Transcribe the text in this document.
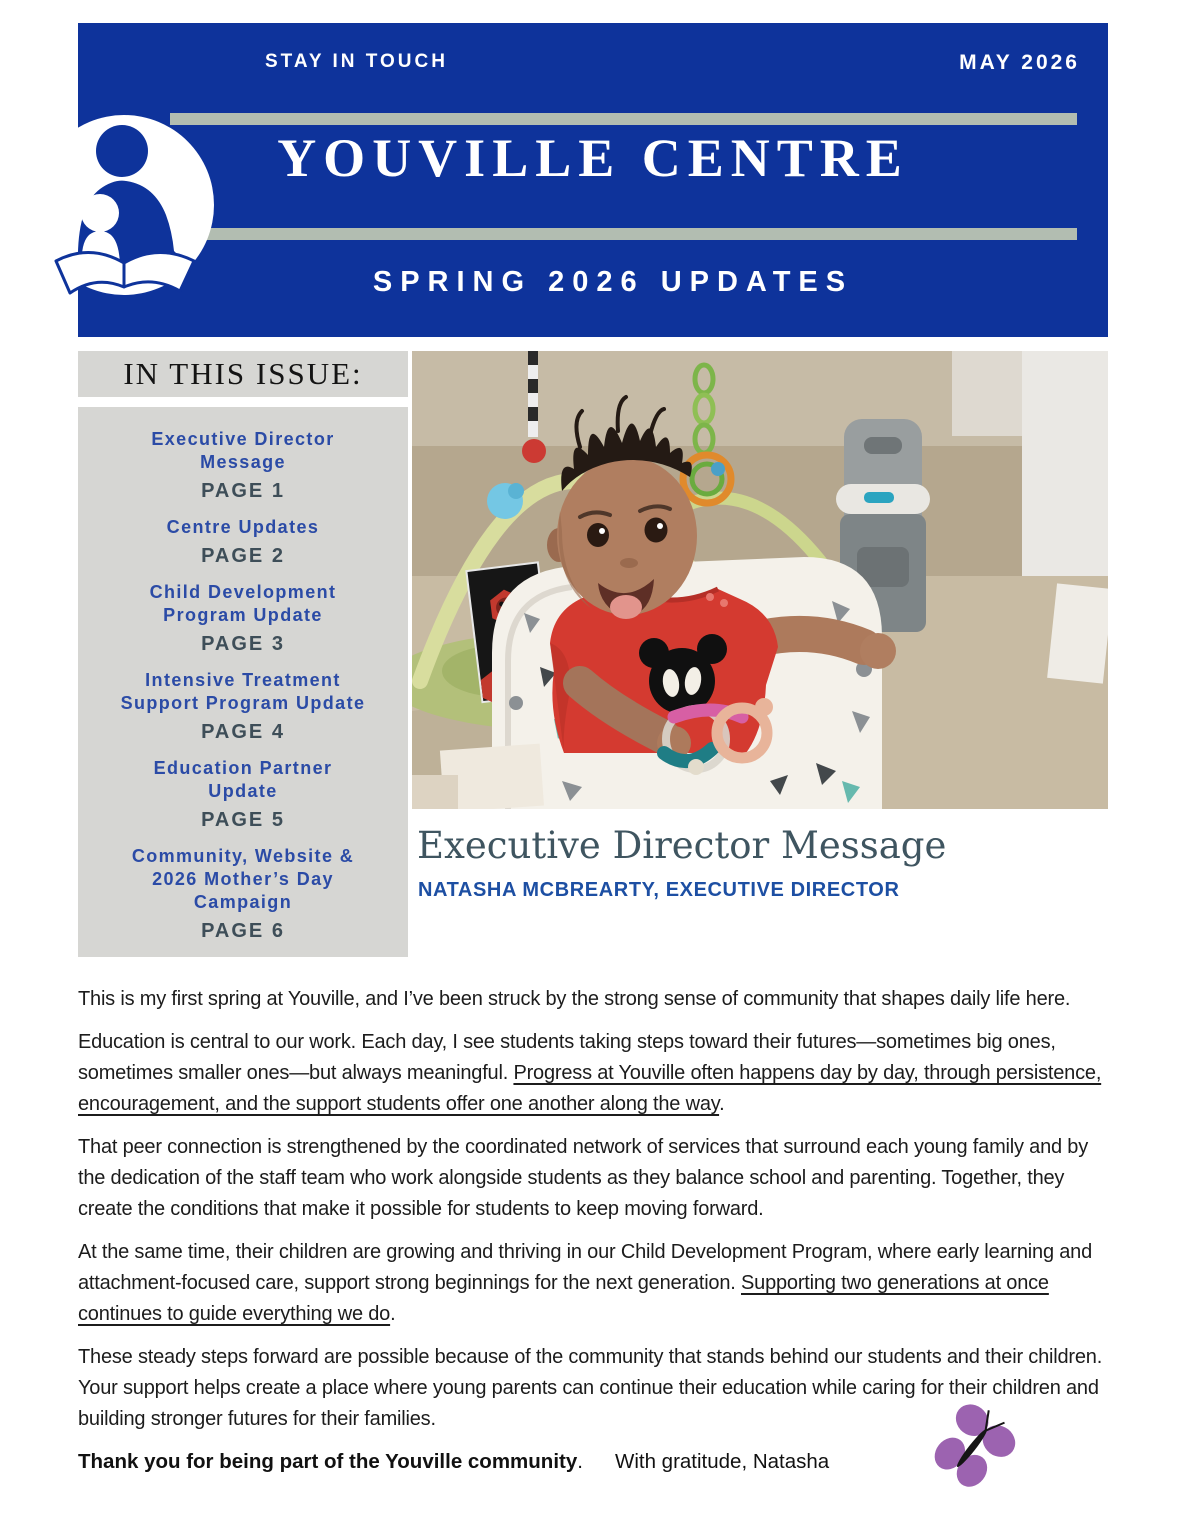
STAY IN TOUCH	MAY 2026
YOUVILLE CENTRE
SPRING 2026 UPDATES
IN THIS ISSUE:
Executive Director Message
PAGE 1
Centre Updates
PAGE 2
Child Development Program Update
PAGE 3
Intensive Treatment Support Program Update
PAGE 4
Education Partner Update
PAGE 5
Community, Website & 2026 Mother’s Day Campaign
PAGE 6
Executive Director Message
NATASHA MCBREARTY, EXECUTIVE DIRECTOR

This is my first spring at Youville, and I’ve been struck by the strong sense of community that shapes daily life here.

Education is central to our work. Each day, I see students taking steps toward their futures—sometimes big ones, sometimes smaller ones—but always meaningful. Progress at Youville often happens day by day, through persistence, encouragement, and the support students offer one another along the way.

That peer connection is strengthened by the coordinated network of services that surround each young family and by the dedication of the staff team who work alongside students as they balance school and parenting. Together, they create the conditions that make it possible for students to keep moving forward.

At the same time, their children are growing and thriving in our Child Development Program, where early learning and attachment-focused care, support strong beginnings for the next generation. Supporting two generations at once continues to guide everything we do.

These steady steps forward are possible because of the community that stands behind our students and their children. Your support helps create a place where young parents can continue their education while caring for their children and building stronger futures for their families.

Thank you for being part of the Youville community. With gratitude, Natasha
